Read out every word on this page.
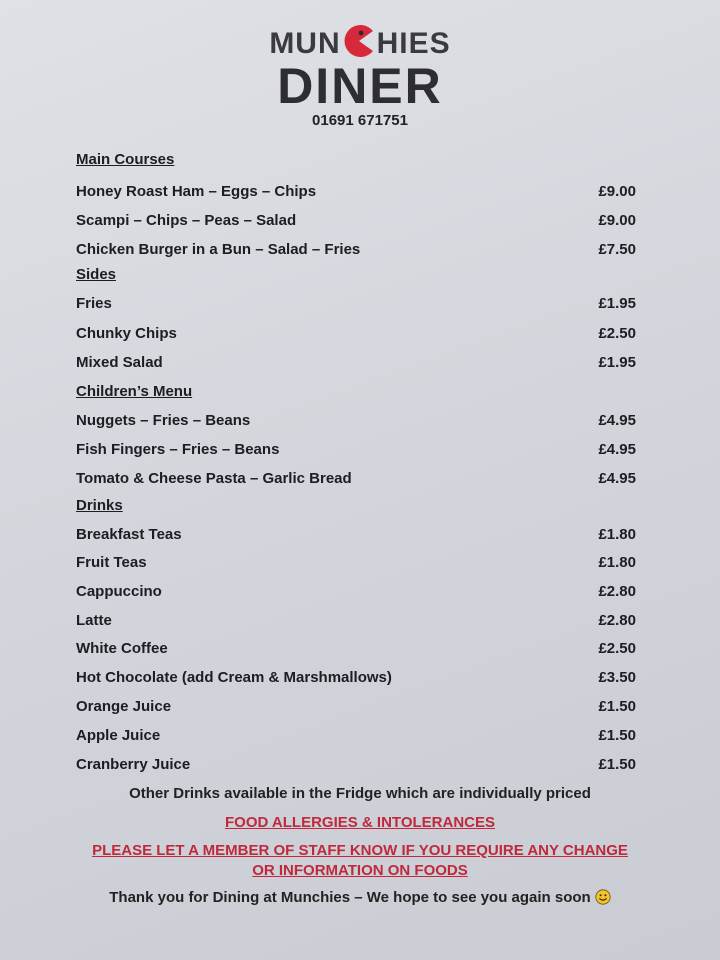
MUN HIES
DINER
01691 671751
Main Courses
Honey Roast Ham – Eggs – Chips	£9.00
Scampi – Chips – Peas – Salad	£9.00
Chicken Burger in a Bun – Salad – Fries	£7.50
Sides
Fries	£1.95
Chunky Chips	£2.50
Mixed Salad	£1.95
Children’s Menu
Nuggets – Fries – Beans	£4.95
Fish Fingers – Fries – Beans	£4.95
Tomato & Cheese Pasta – Garlic Bread	£4.95
Drinks
Breakfast Teas	£1.80
Fruit Teas	£1.80
Cappuccino	£2.80
Latte	£2.80
White Coffee	£2.50
Hot Chocolate (add Cream & Marshmallows)	£3.50
Orange Juice	£1.50
Apple Juice	£1.50
Cranberry Juice	£1.50
Other Drinks available in the Fridge which are individually priced
FOOD ALLERGIES & INTOLERANCES
PLEASE LET A MEMBER OF STAFF KNOW IF YOU REQUIRE ANY CHANGE
OR INFORMATION ON FOODS
Thank you for Dining at Munchies – We hope to see you again soon
